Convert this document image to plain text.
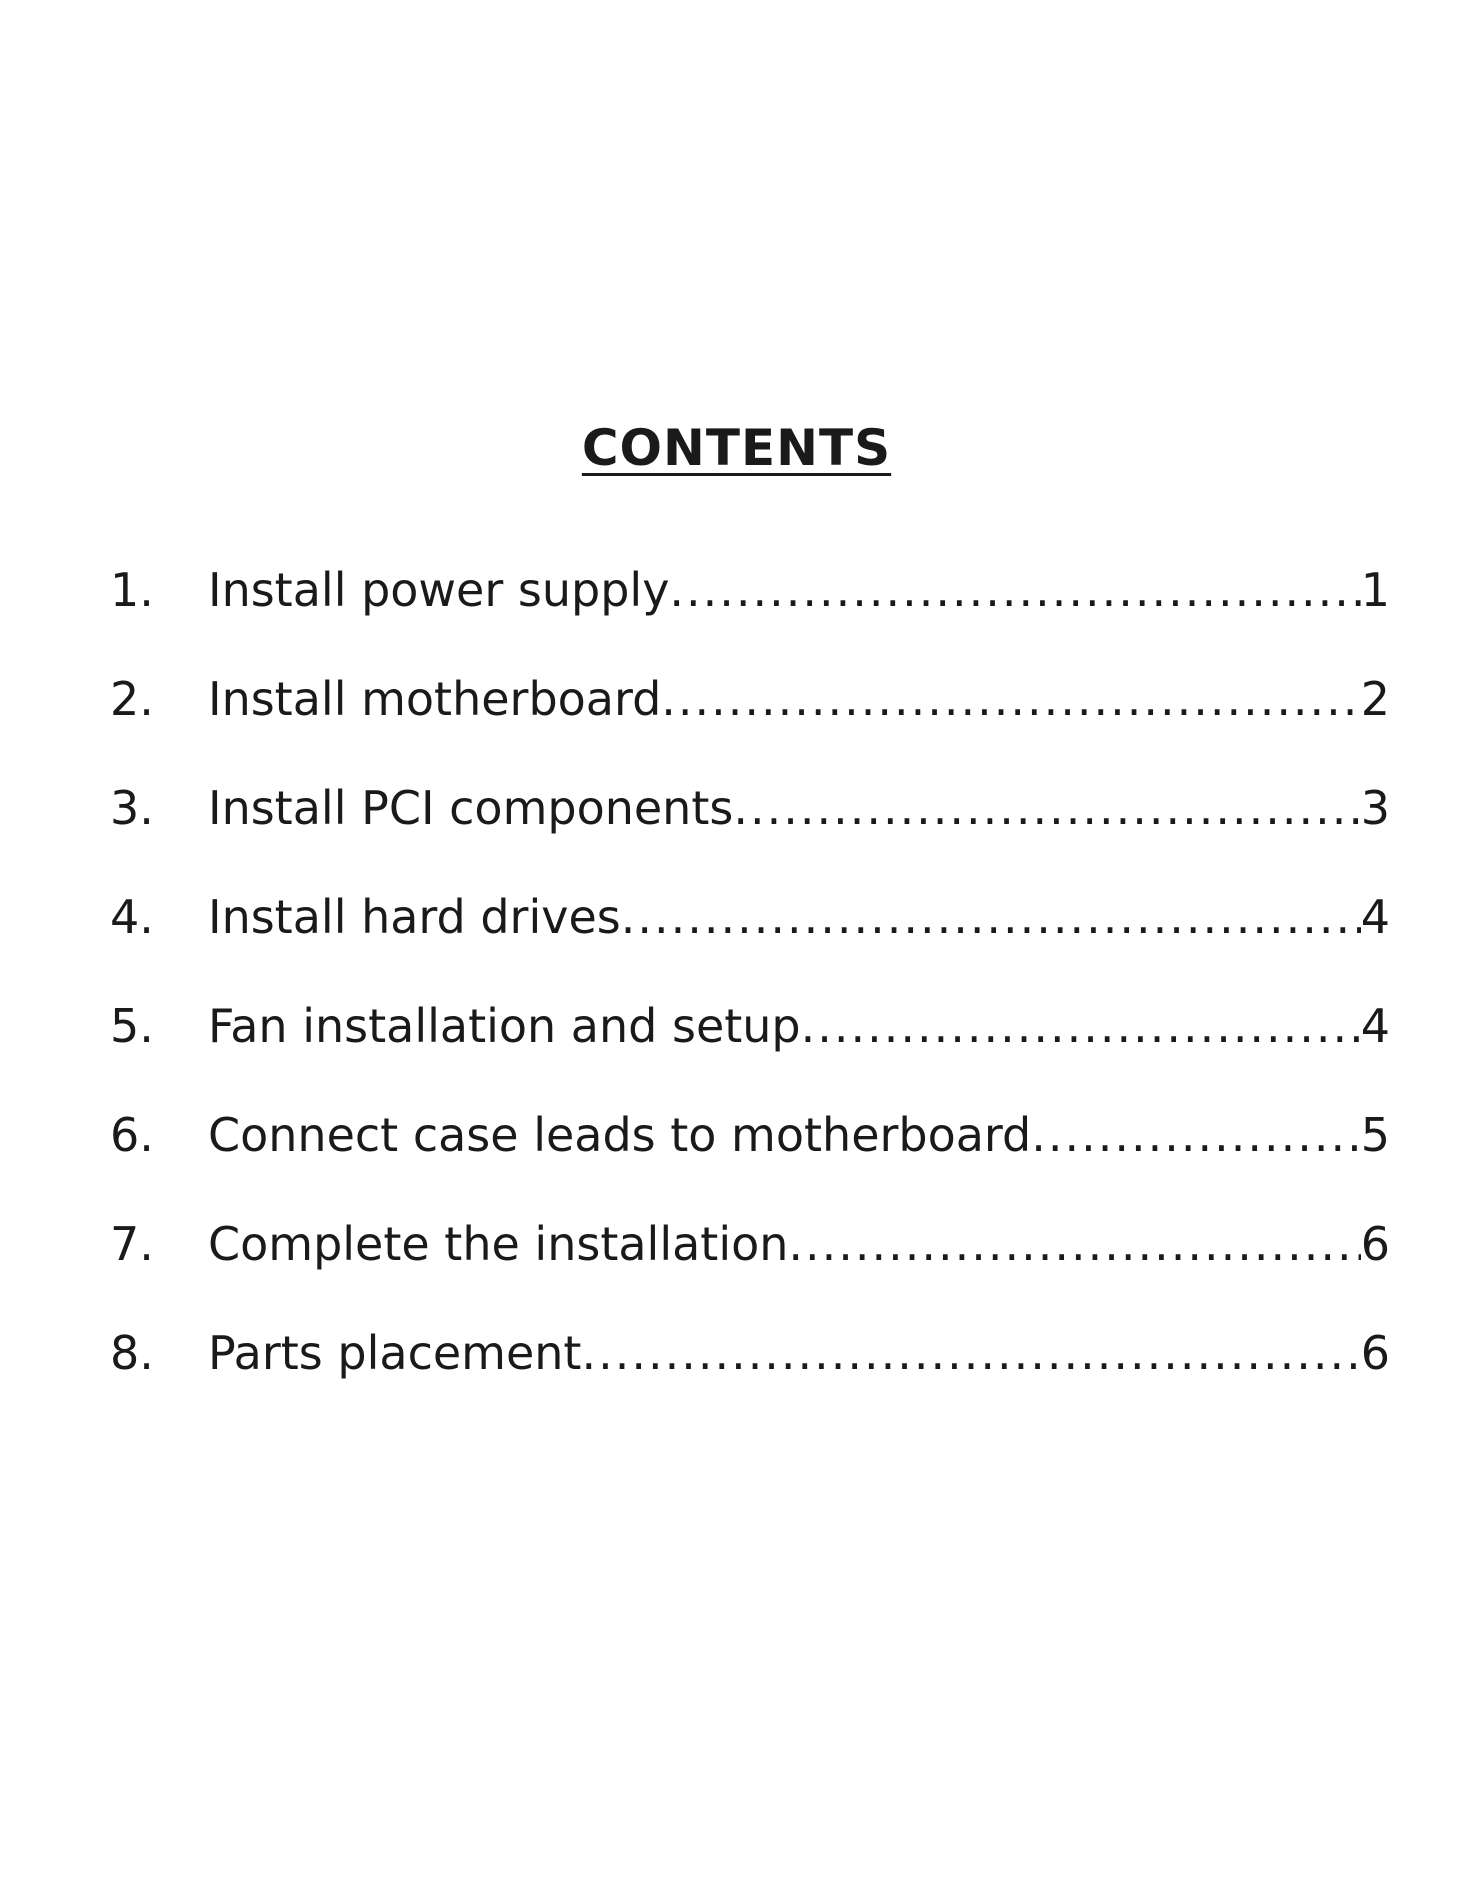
CONTENTS
1.	Install power supply .....	1
2.	Install motherboard .....	2
3.	Install PCI components .....	3
4.	Install hard drives .....	4
5.	Fan installation and setup .....	4
6.	Connect case leads to motherboard .....	5
7.	Complete the installation .....	6
8.	Parts placement .....	6
